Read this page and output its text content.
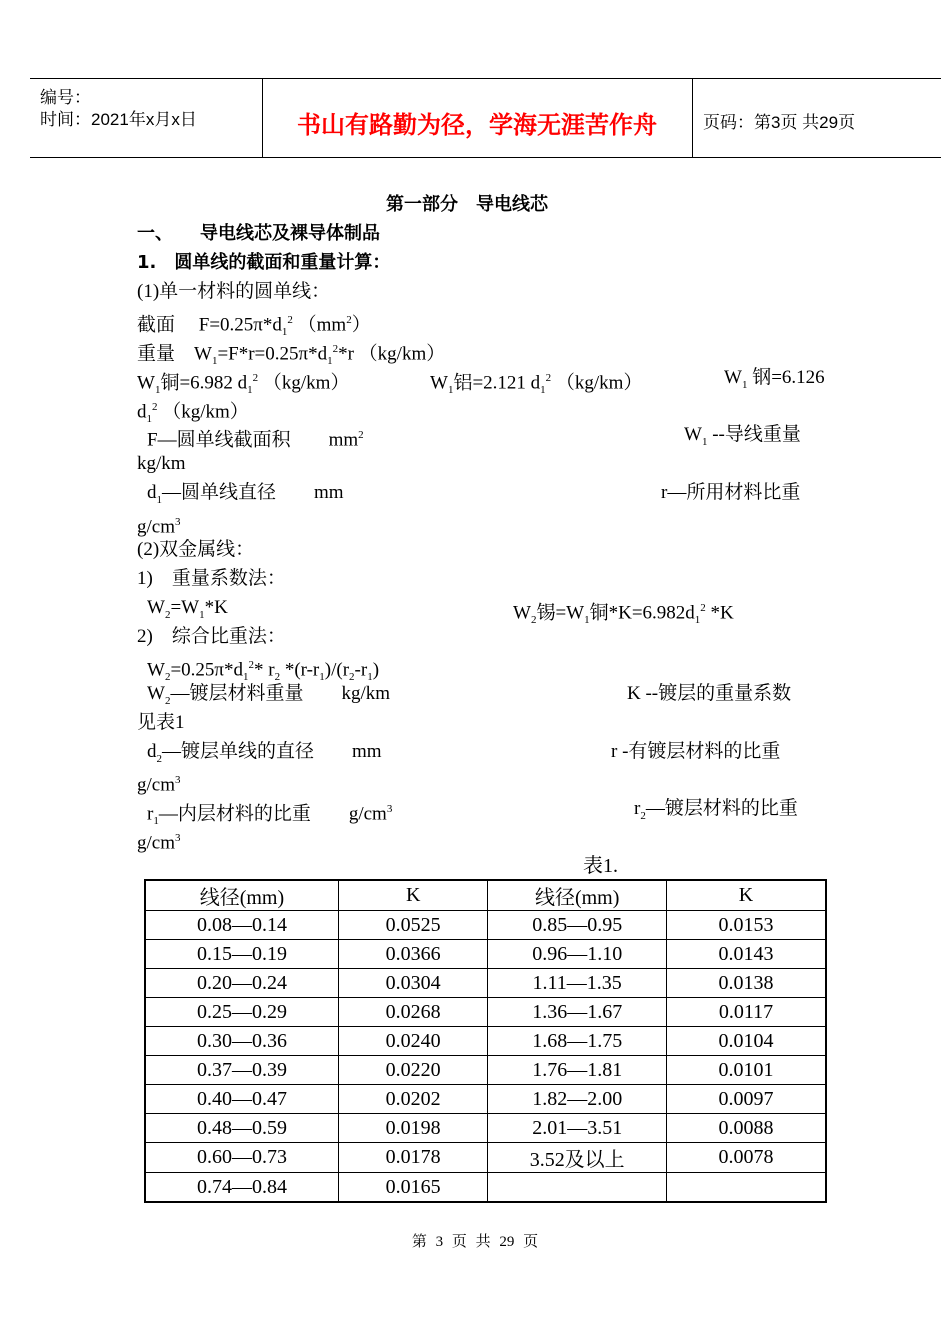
编号：
时间：2021年x月x日	书山有路勤为径，学海无涯苦作舟	页码：第3页 共29页
第一部分　导电线芯
一、　　导电线芯及裸导体制品
1.　圆单线的截面和重量计算：
(1)单一材料的圆单线：
截面　 $F=0.25\pi*d_1^2$ $(mm^2)$
重量　$W_1=F*r=0.25\pi*d_1^2*r$ （kg/km）
$W_1$铜=6.982 $d_1^2$ （kg/km）	$W_1$铝=2.121 $d_1^2$ （kg/km）	$W_1$ 钢=6.126
$d_1^2$ （kg/km）
F—圆单线截面积　　$mm^2$	$W_1$ --导线重量
kg/km
$d_1—$圆单线直径　　mm	r—所用材料比重
$g/cm^3$
(2)双金属线：
1)　重量系数法：
$W_2=W_1*K$	$W_2$锡$=W_1$铜$*K=6.982d_1^2$ *K
2)　综合比重法：
$W_2=0.25\pi*d_1^2*$ $r_2$ $*(r-r_1)/(r_2-r_1)$
$W_2—$镀层材料重量　　kg/km	K --镀层的重量系数
见表1
$d_2—$镀层单线的直径　　mm	r -有镀层材料的比重
$g/cm^3$
$r_1—$内层材料的比重　　$g/cm^3$	$r_2—$镀层材料的比重
$g/cm^3$
表1.
线径(mm)	K	线径(mm)	K
0.08—0.14	0.0525	0.85—0.95	0.0153
0.15—0.19	0.0366	0.96—1.10	0.0143
0.20—0.24	0.0304	1.11—1.35	0.0138
0.25—0.29	0.0268	1.36—1.67	0.0117
0.30—0.36	0.0240	1.68—1.75	0.0104
0.37—0.39	0.0220	1.76—1.81	0.0101
0.40—0.47	0.0202	1.82—2.00	0.0097
0.48—0.59	0.0198	2.01—3.51	0.0088
0.60—0.73	0.0178	3.52及以上	0.0078
0.74—0.84	0.0165		
第 3 页 共 29 页
